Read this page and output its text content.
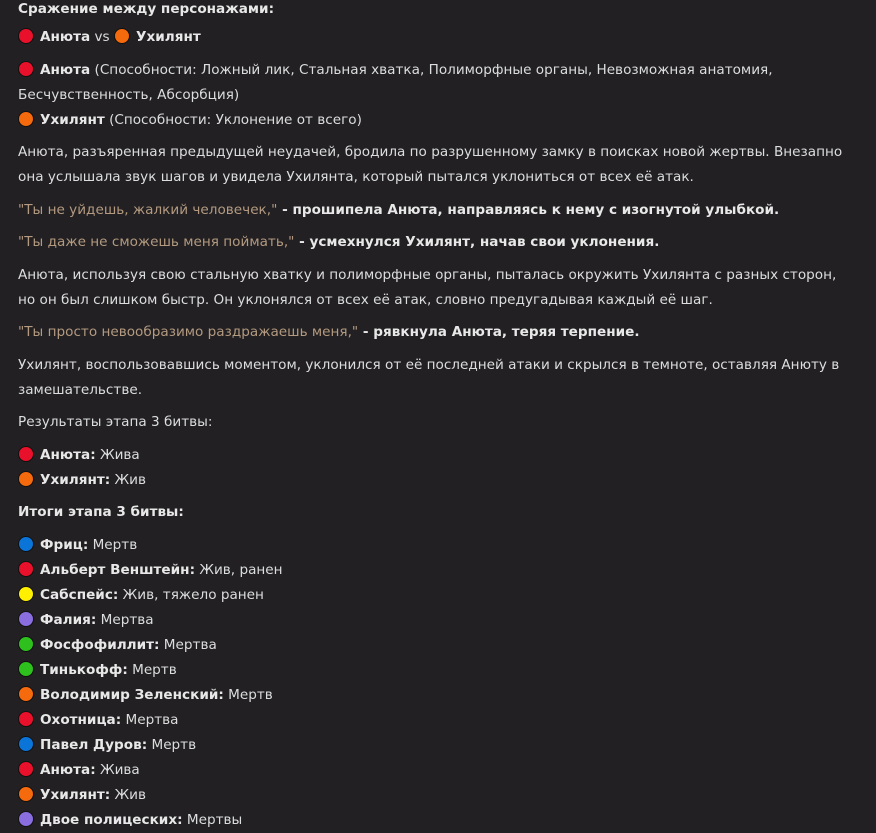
Сражение между персонажами:
Анюта vs Ухилянт
Анюта (Способности: Ложный лик, Стальная хватка, Полиморфные органы, Невозможная анатомия, Бесчувственность, Абсорбция)
Ухилянт (Способности: Уклонение от всего)
Анюта, разъяренная предыдущей неудачей, бродила по разрушенному замку в поисках новой жертвы. Внезапно она услышала звук шагов и увидела Ухилянта, который пытался уклониться от всех её атак.
"Ты не уйдешь, жалкий человечек," - прошипела Анюта, направляясь к нему с изогнутой улыбкой.
"Ты даже не сможешь меня поймать," - усмехнулся Ухилянт, начав свои уклонения.
Анюта, используя свою стальную хватку и полиморфные органы, пыталась окружить Ухилянта с разных сторон, но он был слишком быстр. Он уклонялся от всех её атак, словно предугадывая каждый её шаг.
"Ты просто невообразимо раздражаешь меня," - рявкнула Анюта, теряя терпение.
Ухилянт, воспользовавшись моментом, уклонился от её последней атаки и скрылся в темноте, оставляя Анюту в замешательстве.
Результаты этапа 3 битвы:
Анюта: Жива
Ухилянт: Жив
Итоги этапа 3 битвы:
Фриц: Мертв
Альберт Венштейн: Жив, ранен
Сабспейс: Жив, тяжело ранен
Фалия: Мертва
Фосфофиллит: Мертва
Тинькофф: Мертв
Володимир Зеленский: Мертв
Охотница: Мертва
Павел Дуров: Мертв
Анюта: Жива
Ухилянт: Жив
Двое полицеских: Мертвы
